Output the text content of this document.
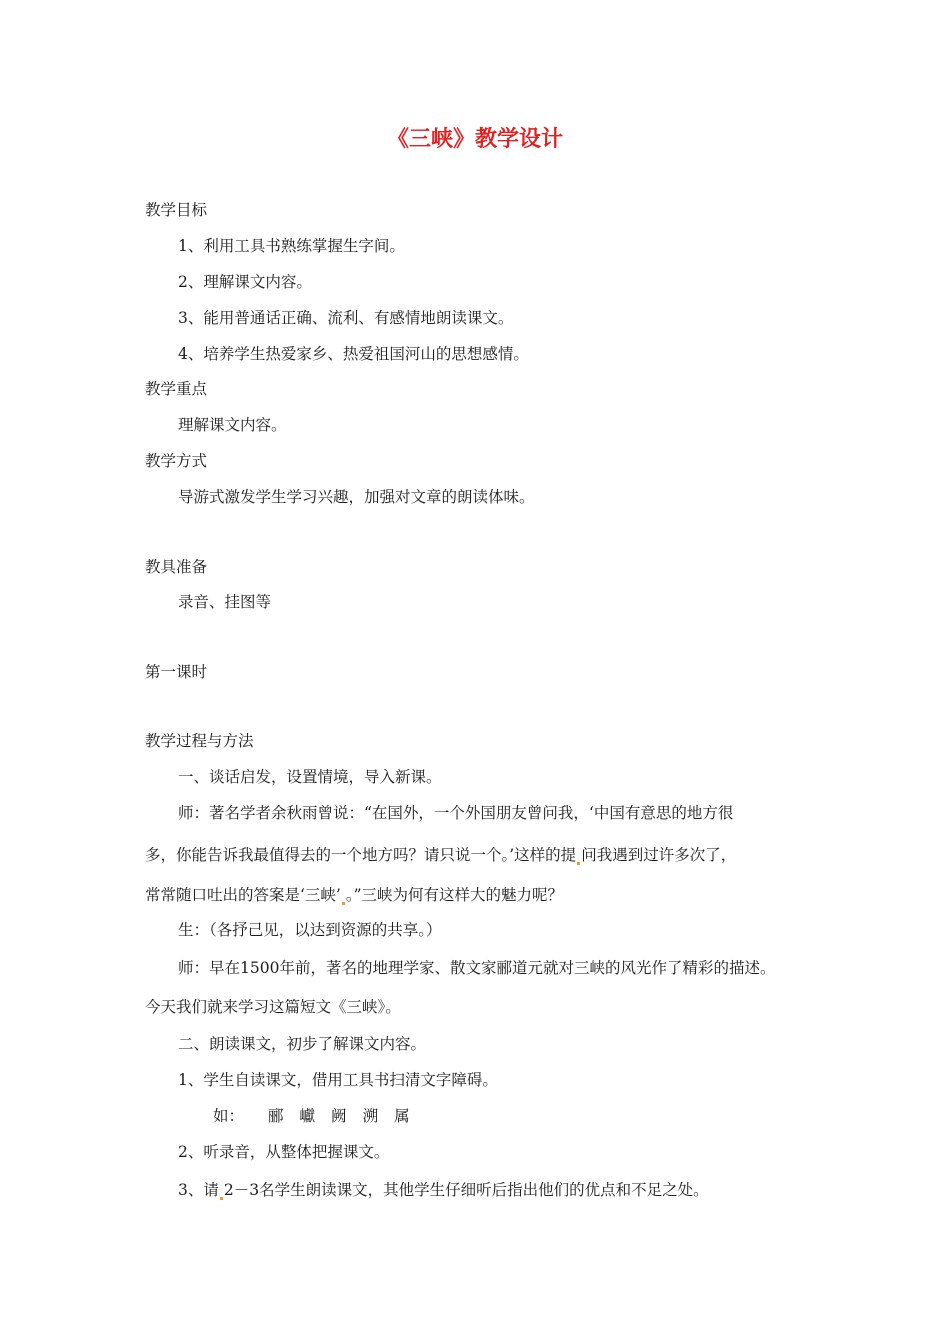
《三峡》教学设计
教学目标
1、利用工具书熟练掌握生字间。
2、理解课文内容。
3、能用普通话正确、流利、有感情地朗读课文。
4、培养学生热爱家乡、热爱祖国河山的思想感情。
教学重点
理解课文内容。
教学方式
导游式激发学生学习兴趣，加强对文章的朗读体味。
教具准备
录音、挂图等
第一课时
教学过程与方法
一、谈话启发，设置情境，导入新课。
师：著名学者余秋雨曾说：“在国外，一个外国朋友曾问我，‘中国有意思的地方很
多，你能告诉我最值得去的一个地方吗？请只说一个。’这样的提 问我遇到过许多次了，
常常随口吐出的答案是‘三峡’ 。”三峡为何有这样大的魅力呢？
生：（各抒己见，以达到资源的共享。）
师：早在1500年前，著名的地理学家、散文家郦道元就对三峡的风光作了精彩的描述。
今天我们就来学习这篇短文《三峡》。
二、朗读课文，初步了解课文内容。
1、学生自读课文，借用工具书扫清文字障碍。
如： 郦 巘 阙 溯 属
2、听录音，从整体把握课文。
3、请 2－3名学生朗读课文，其他学生仔细听后指出他们的优点和不足之处。
